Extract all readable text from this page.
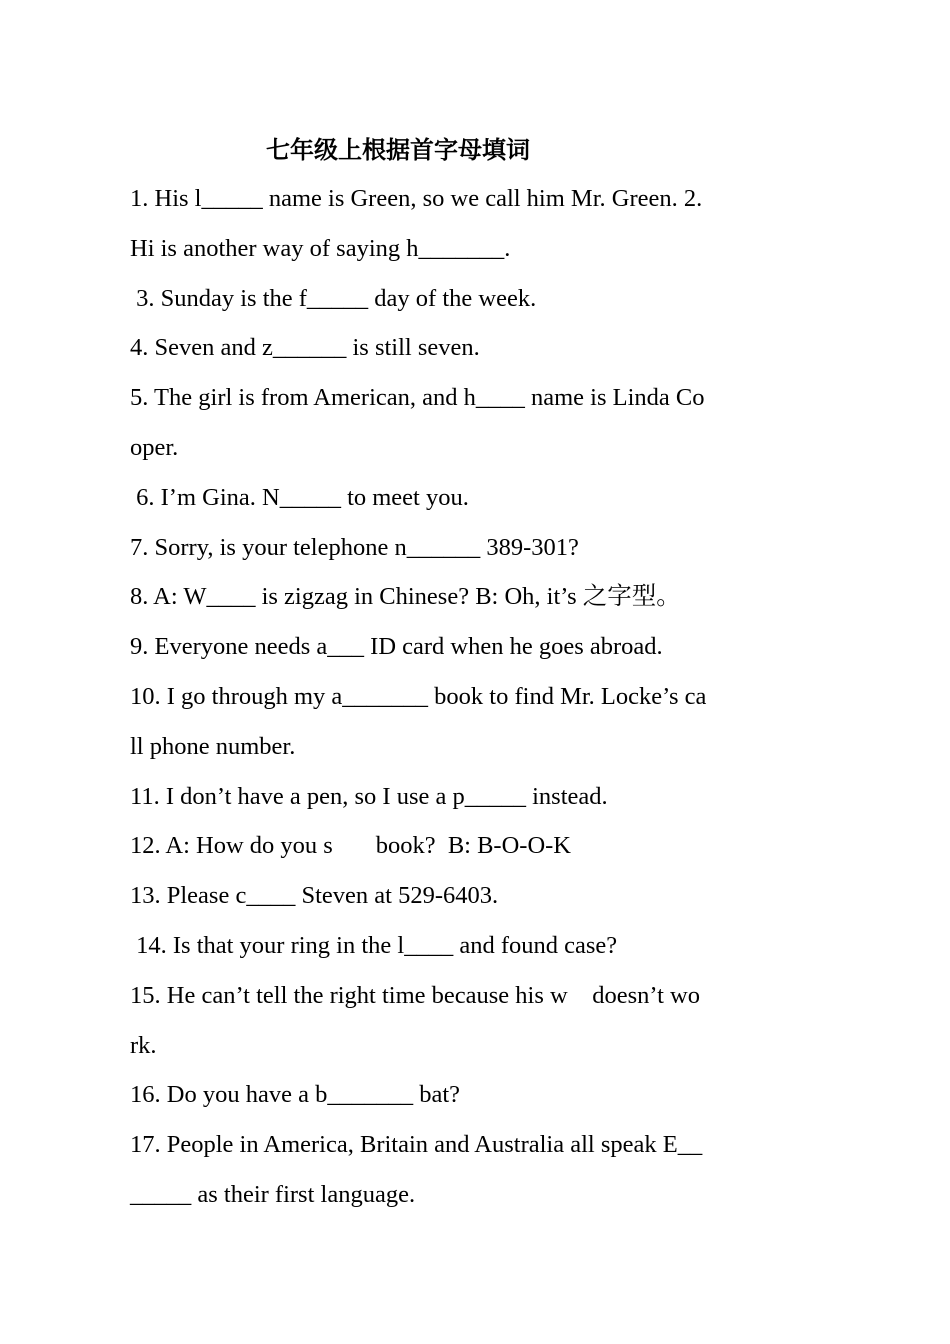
七年级上根据首字母填词
1. His l_____ name is Green, so we call him Mr. Green. 2.
Hi is another way of saying h_______.
3. Sunday is the f_____ day of the week.
4. Seven and z______ is still seven.
5. The girl is from American, and h____ name is Linda Co
oper.
6. I’m Gina. N_____ to meet you.
7. Sorry, is your telephone n______ 389-301?
8. A: W____ is zigzag in Chinese? B: Oh, it’s 之字型。
9. Everyone needs a___ ID card when he goes abroad.
10. I go through my a_______ book to find Mr. Locke’s ca
ll phone number.
11. I don’t have a pen, so I use a p_____ instead.
12. A: How do you s       book?  B: B-O-O-K
13. Please c____ Steven at 529-6403.
14. Is that your ring in the l____ and found case?
15. He can’t tell the right time because his w    doesn’t wo
rk.
16. Do you have a b_______ bat?
17. People in America, Britain and Australia all speak E__
_____ as their first language.
